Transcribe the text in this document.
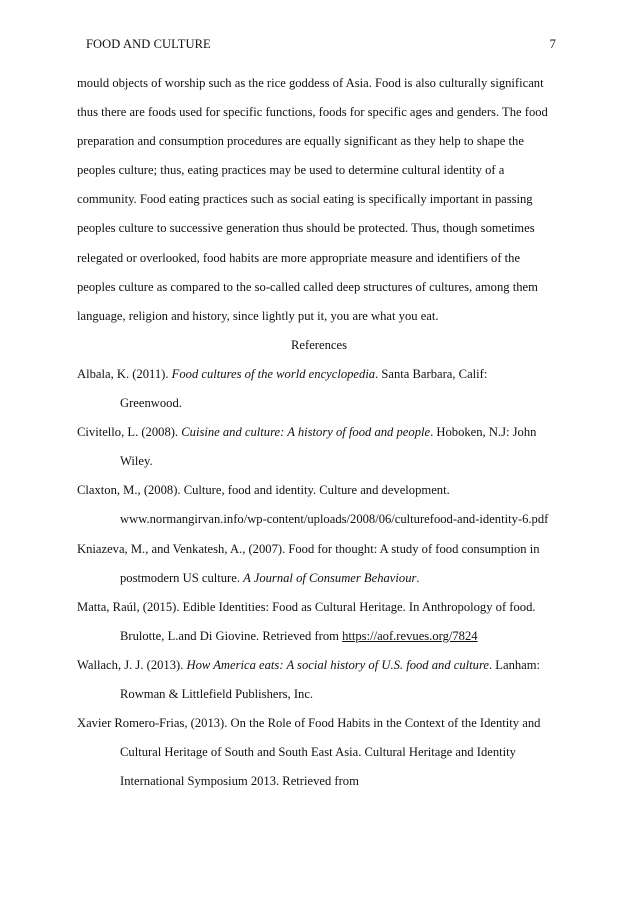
FOOD AND CULTURE	7
mould objects of worship such as the rice goddess of Asia. Food is also culturally significant
thus there are foods used for specific functions, foods for specific ages and genders. The food
preparation and consumption procedures are equally significant as they help to shape the
peoples culture; thus, eating practices may be used to determine cultural identity of a
community. Food eating practices such as social eating is specifically important in passing
peoples culture to successive generation thus should be protected. Thus, though sometimes
relegated or overlooked, food habits are more appropriate measure and identifiers of the
peoples culture as compared to the so-called called deep structures of cultures, among them
language, religion and history, since lightly put it, you are what you eat.
References
Albala, K. (2011). Food cultures of the world encyclopedia. Santa Barbara, Calif:
Greenwood.
Civitello, L. (2008). Cuisine and culture: A history of food and people. Hoboken, N.J: John
Wiley.
Claxton, M., (2008). Culture, food and identity. Culture and development.
www.normangirvan.info/wp-content/uploads/2008/06/culturefood-and-identity-6.pdf
Kniazeva, M., and Venkatesh, A., (2007). Food for thought: A study of food consumption in
postmodern US culture. A Journal of Consumer Behaviour.
Matta, Raúl, (2015). Edible Identities: Food as Cultural Heritage. In Anthropology of food.
Brulotte, L.and Di Giovine. Retrieved from https://aof.revues.org/7824
Wallach, J. J. (2013). How America eats: A social history of U.S. food and culture. Lanham:
Rowman & Littlefield Publishers, Inc.
Xavier Romero-Frias, (2013). On the Role of Food Habits in the Context of the Identity and
Cultural Heritage of South and South East Asia. Cultural Heritage and Identity
International Symposium 2013. Retrieved from
